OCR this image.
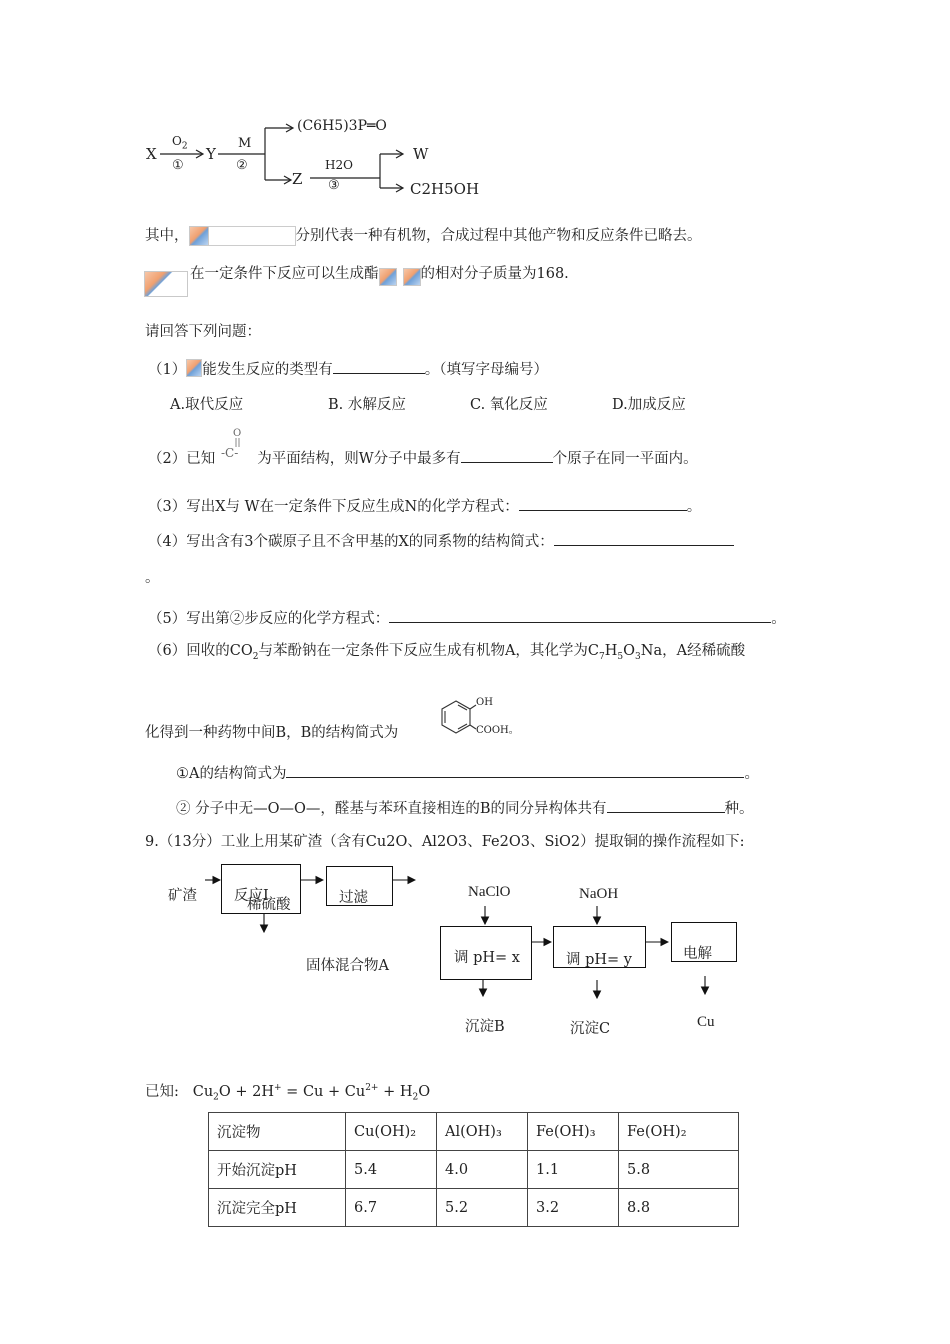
X
$O_2$
①
Y
M
②
(C6H5)3P═O
Z
H2O
③
W
C2H5OH
其中，	分别代表一种有机物，合成过程中其他产物和反应条件已略去。
在一定条件下反应可以生成酯	的相对分子质量为168.
请回答下列问题：
（1） 能发生反应的类型有	。（填写字母编号）
A.取代反应	B. 水解反应	C. 氧化反应	D.加成反应
（2）已知	为平面结构，则W分子中最多有	个原子在同一平面内。
-C-
O
（3）写出X与 W在一定条件下反应生成N的化学方程式：	。
（4）写出含有3个碳原子且不含甲基的X的同系物的结构简式：
。
（5）写出第②步反应的化学方程式：	。
（6）回收的$CO_2$与苯酚钠在一定条件下反应生成有机物A，其化学为$C_7H_5O_3Na$，A经稀硫酸
化得到一种药物中间B，B的结构简式为
OH
COOH。
①A的结构简式为	。
② 分子中无—O—O—，醛基与苯环直接相连的B的同分异构体共有	种。
9.（13分）工业上用某矿渣（含有Cu2O、Al2O3、Fe2O3、SiO2）提取铜的操作流程如下:
矿渣	反应Ⅰ
稀硫酸	过滤
固体混合物A
NaClO	NaOH
调 pH= x	调 pH= y	电解
沉淀B	沉淀C	Cu
已知: $Cu_2O + 2H^+ = Cu + Cu^{2+} + H_2O$
沉淀物	Cu(OH)₂	Al(OH)₃	Fe(OH)₃	Fe(OH)₂
开始沉淀pH	5.4	4.0	1.1	5.8
沉淀完全pH	6.7	5.2	3.2	8.8
